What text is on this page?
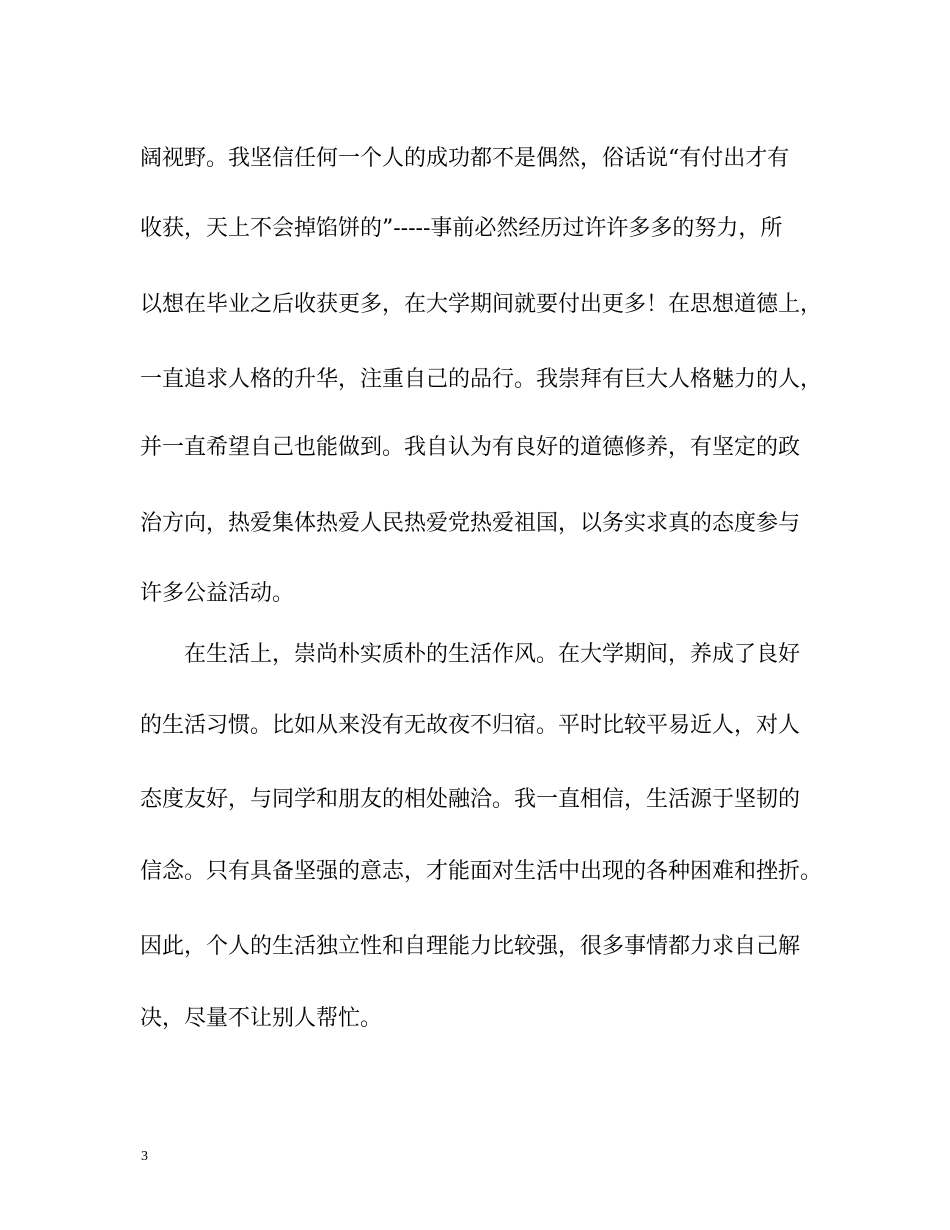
阔视野。我坚信任何一个人的成功都不是偶然，俗话说“有付出才有
收获，天上不会掉馅饼的”-----事前必然经历过许许多多的努力，所
以想在毕业之后收获更多，在大学期间就要付出更多！在思想道德上，
一直追求人格的升华，注重自己的品行。我崇拜有巨大人格魅力的人，
并一直希望自己也能做到。我自认为有良好的道德修养，有坚定的政
治方向，热爱集体热爱人民热爱党热爱祖国，以务实求真的态度参与
许多公益活动。
在生活上，崇尚朴实质朴的生活作风。在大学期间，养成了良好
的生活习惯。比如从来没有无故夜不归宿。平时比较平易近人，对人
态度友好，与同学和朋友的相处融洽。我一直相信，生活源于坚韧的
信念。只有具备坚强的意志，才能面对生活中出现的各种困难和挫折。
因此，个人的生活独立性和自理能力比较强，很多事情都力求自己解
决，尽量不让别人帮忙。
3
